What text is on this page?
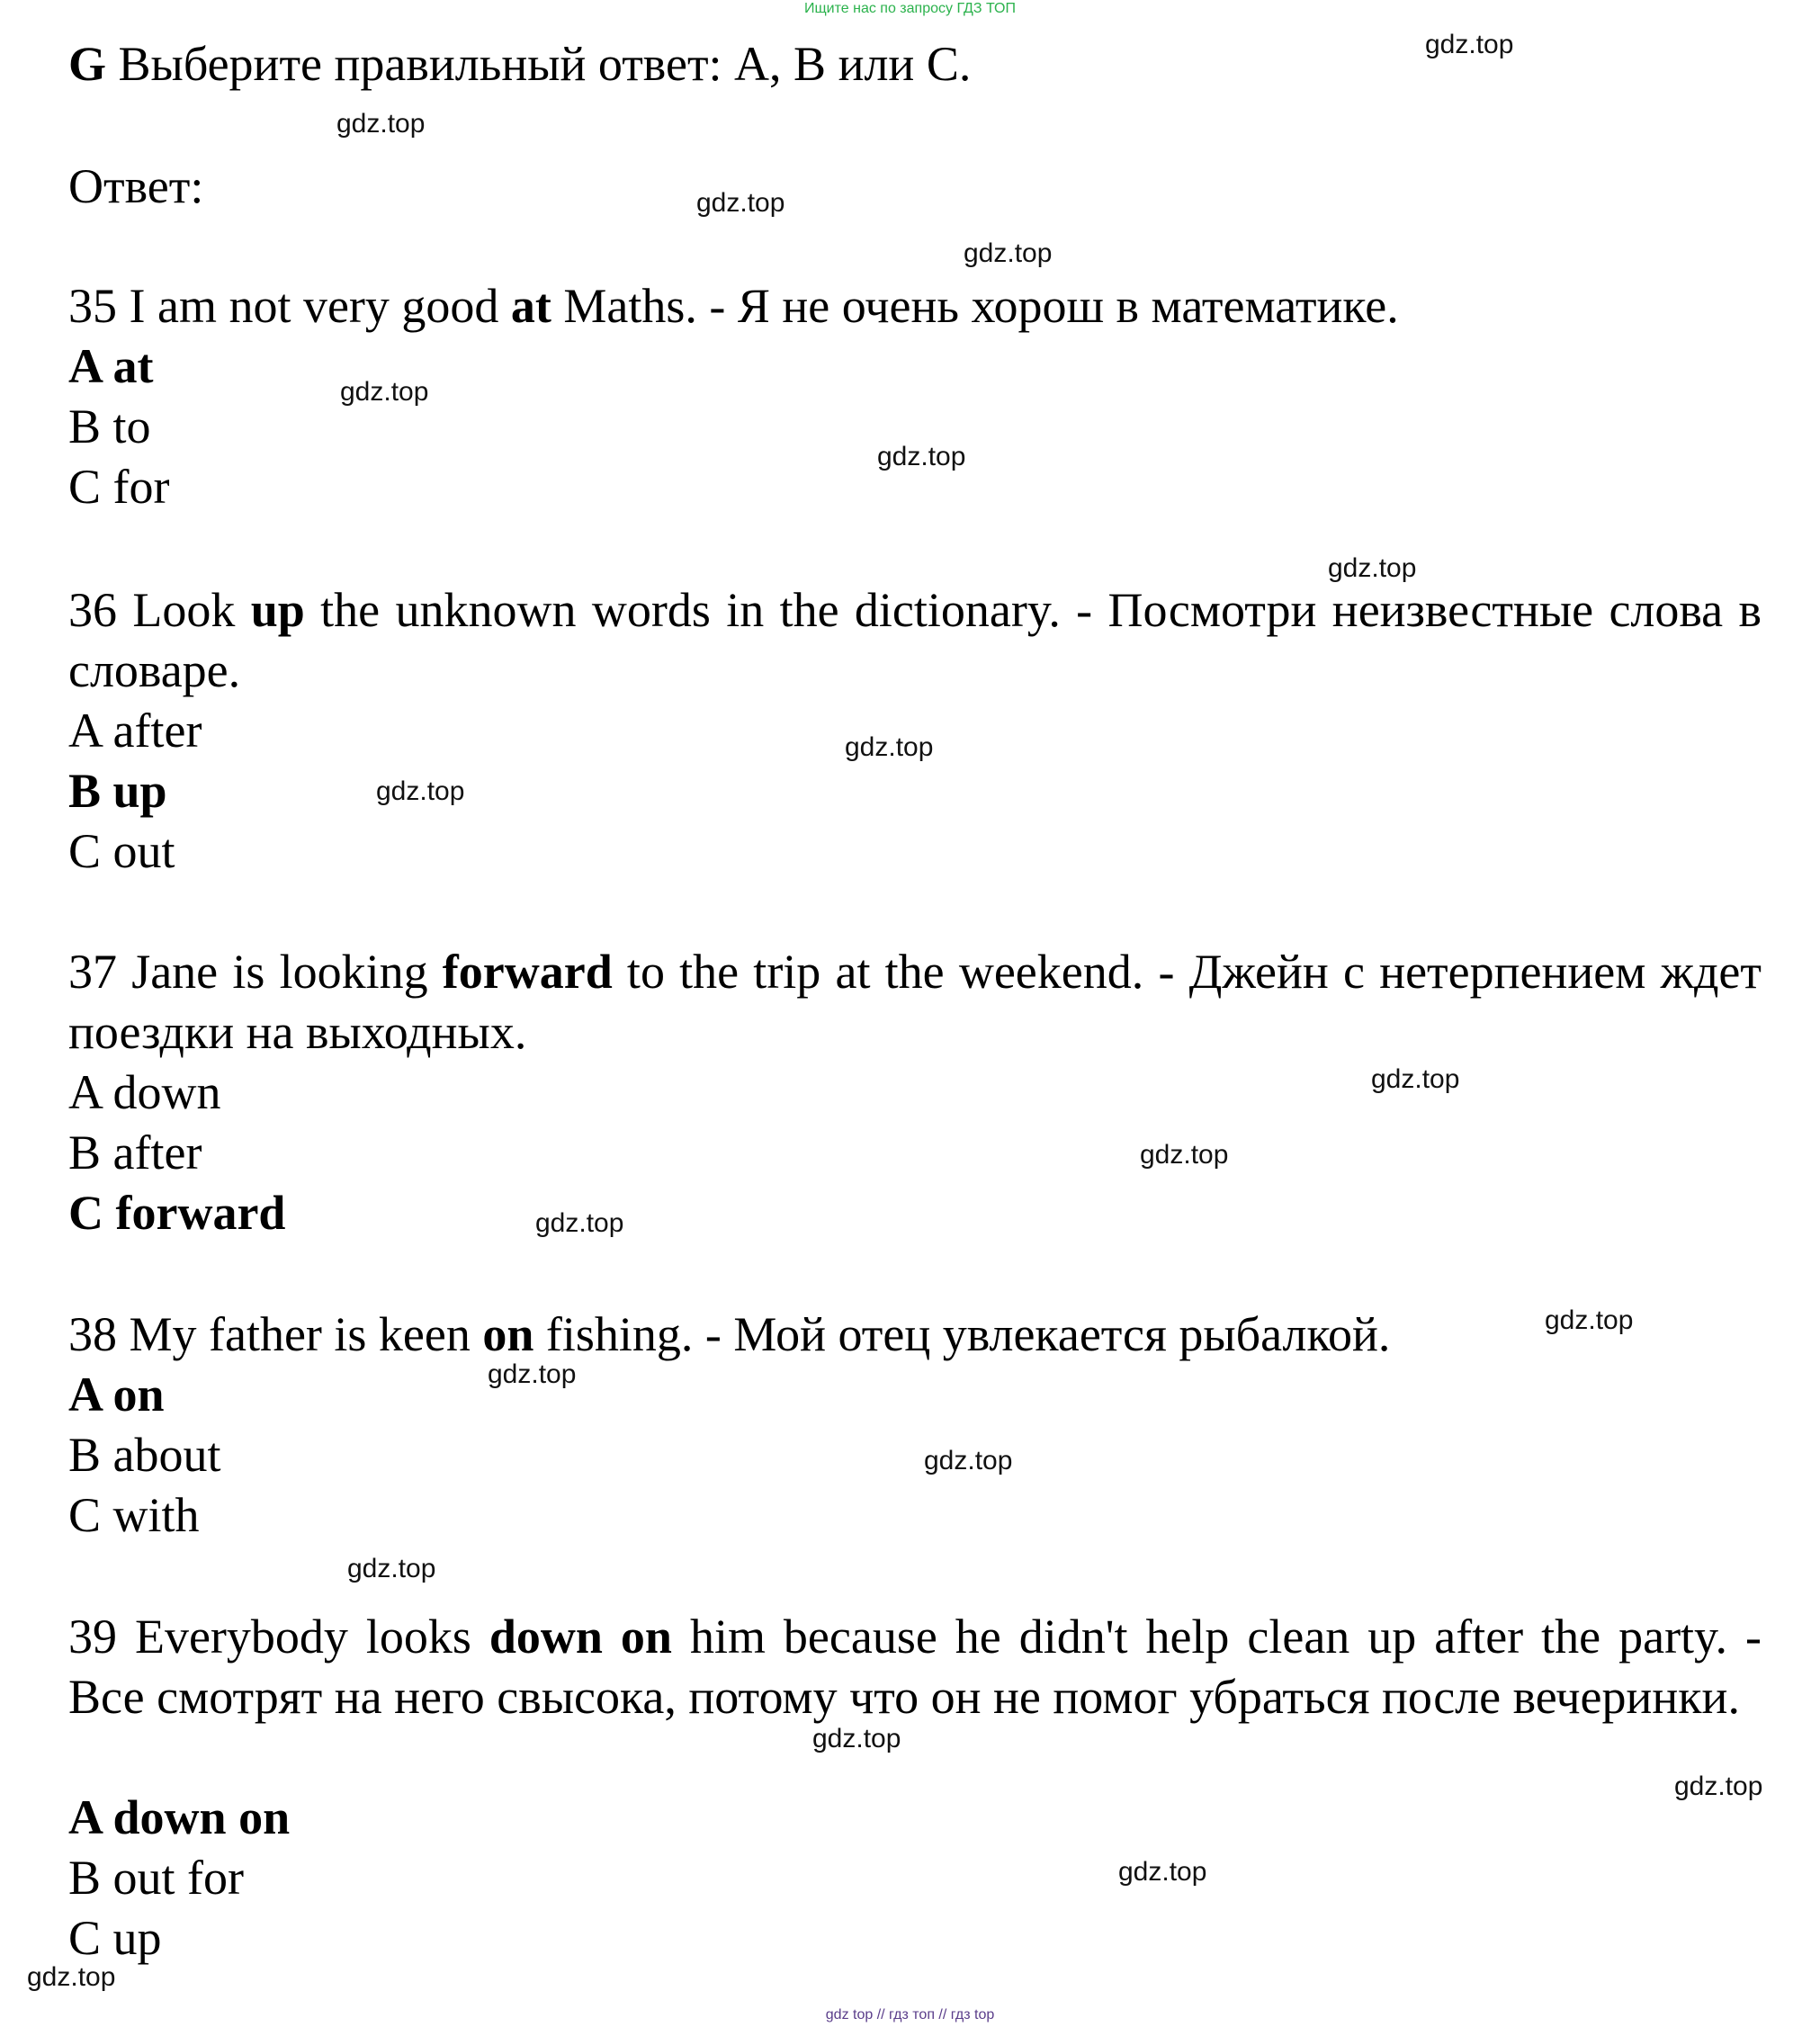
Ищите нас по запросу ГДЗ ТОП
G Выберите правильный ответ: A, B или C.
Ответ:
35 I am not very good at Maths. - Я не очень хорош в математике.
A at
B to
C for
36 Look up the unknown words in the dictionary. - Посмотри неизвестные слова в словаре.
A after
B up
C out
37 Jane is looking forward to the trip at the weekend. - Джейн с нетерпением ждет поездки на выходных.
A down
B after
C forward
38 My father is keen on fishing. - Мой отец увлекается рыбалкой.
A on
B about
C with
39 Everybody looks down on him because he didn't help clean up after the party. - Все смотрят на него свысока, потому что он не помог убраться после вечеринки.
A down on
B out for
C up
gdz.top
gdz.top
gdz.top
gdz.top
gdz.top
gdz.top
gdz.top
gdz.top
gdz.top
gdz.top
gdz.top
gdz.top
gdz.top
gdz.top
gdz.top
gdz.top
gdz.top
gdz.top
gdz.top
gdz.top
gdz top // гдз топ // гдз top
